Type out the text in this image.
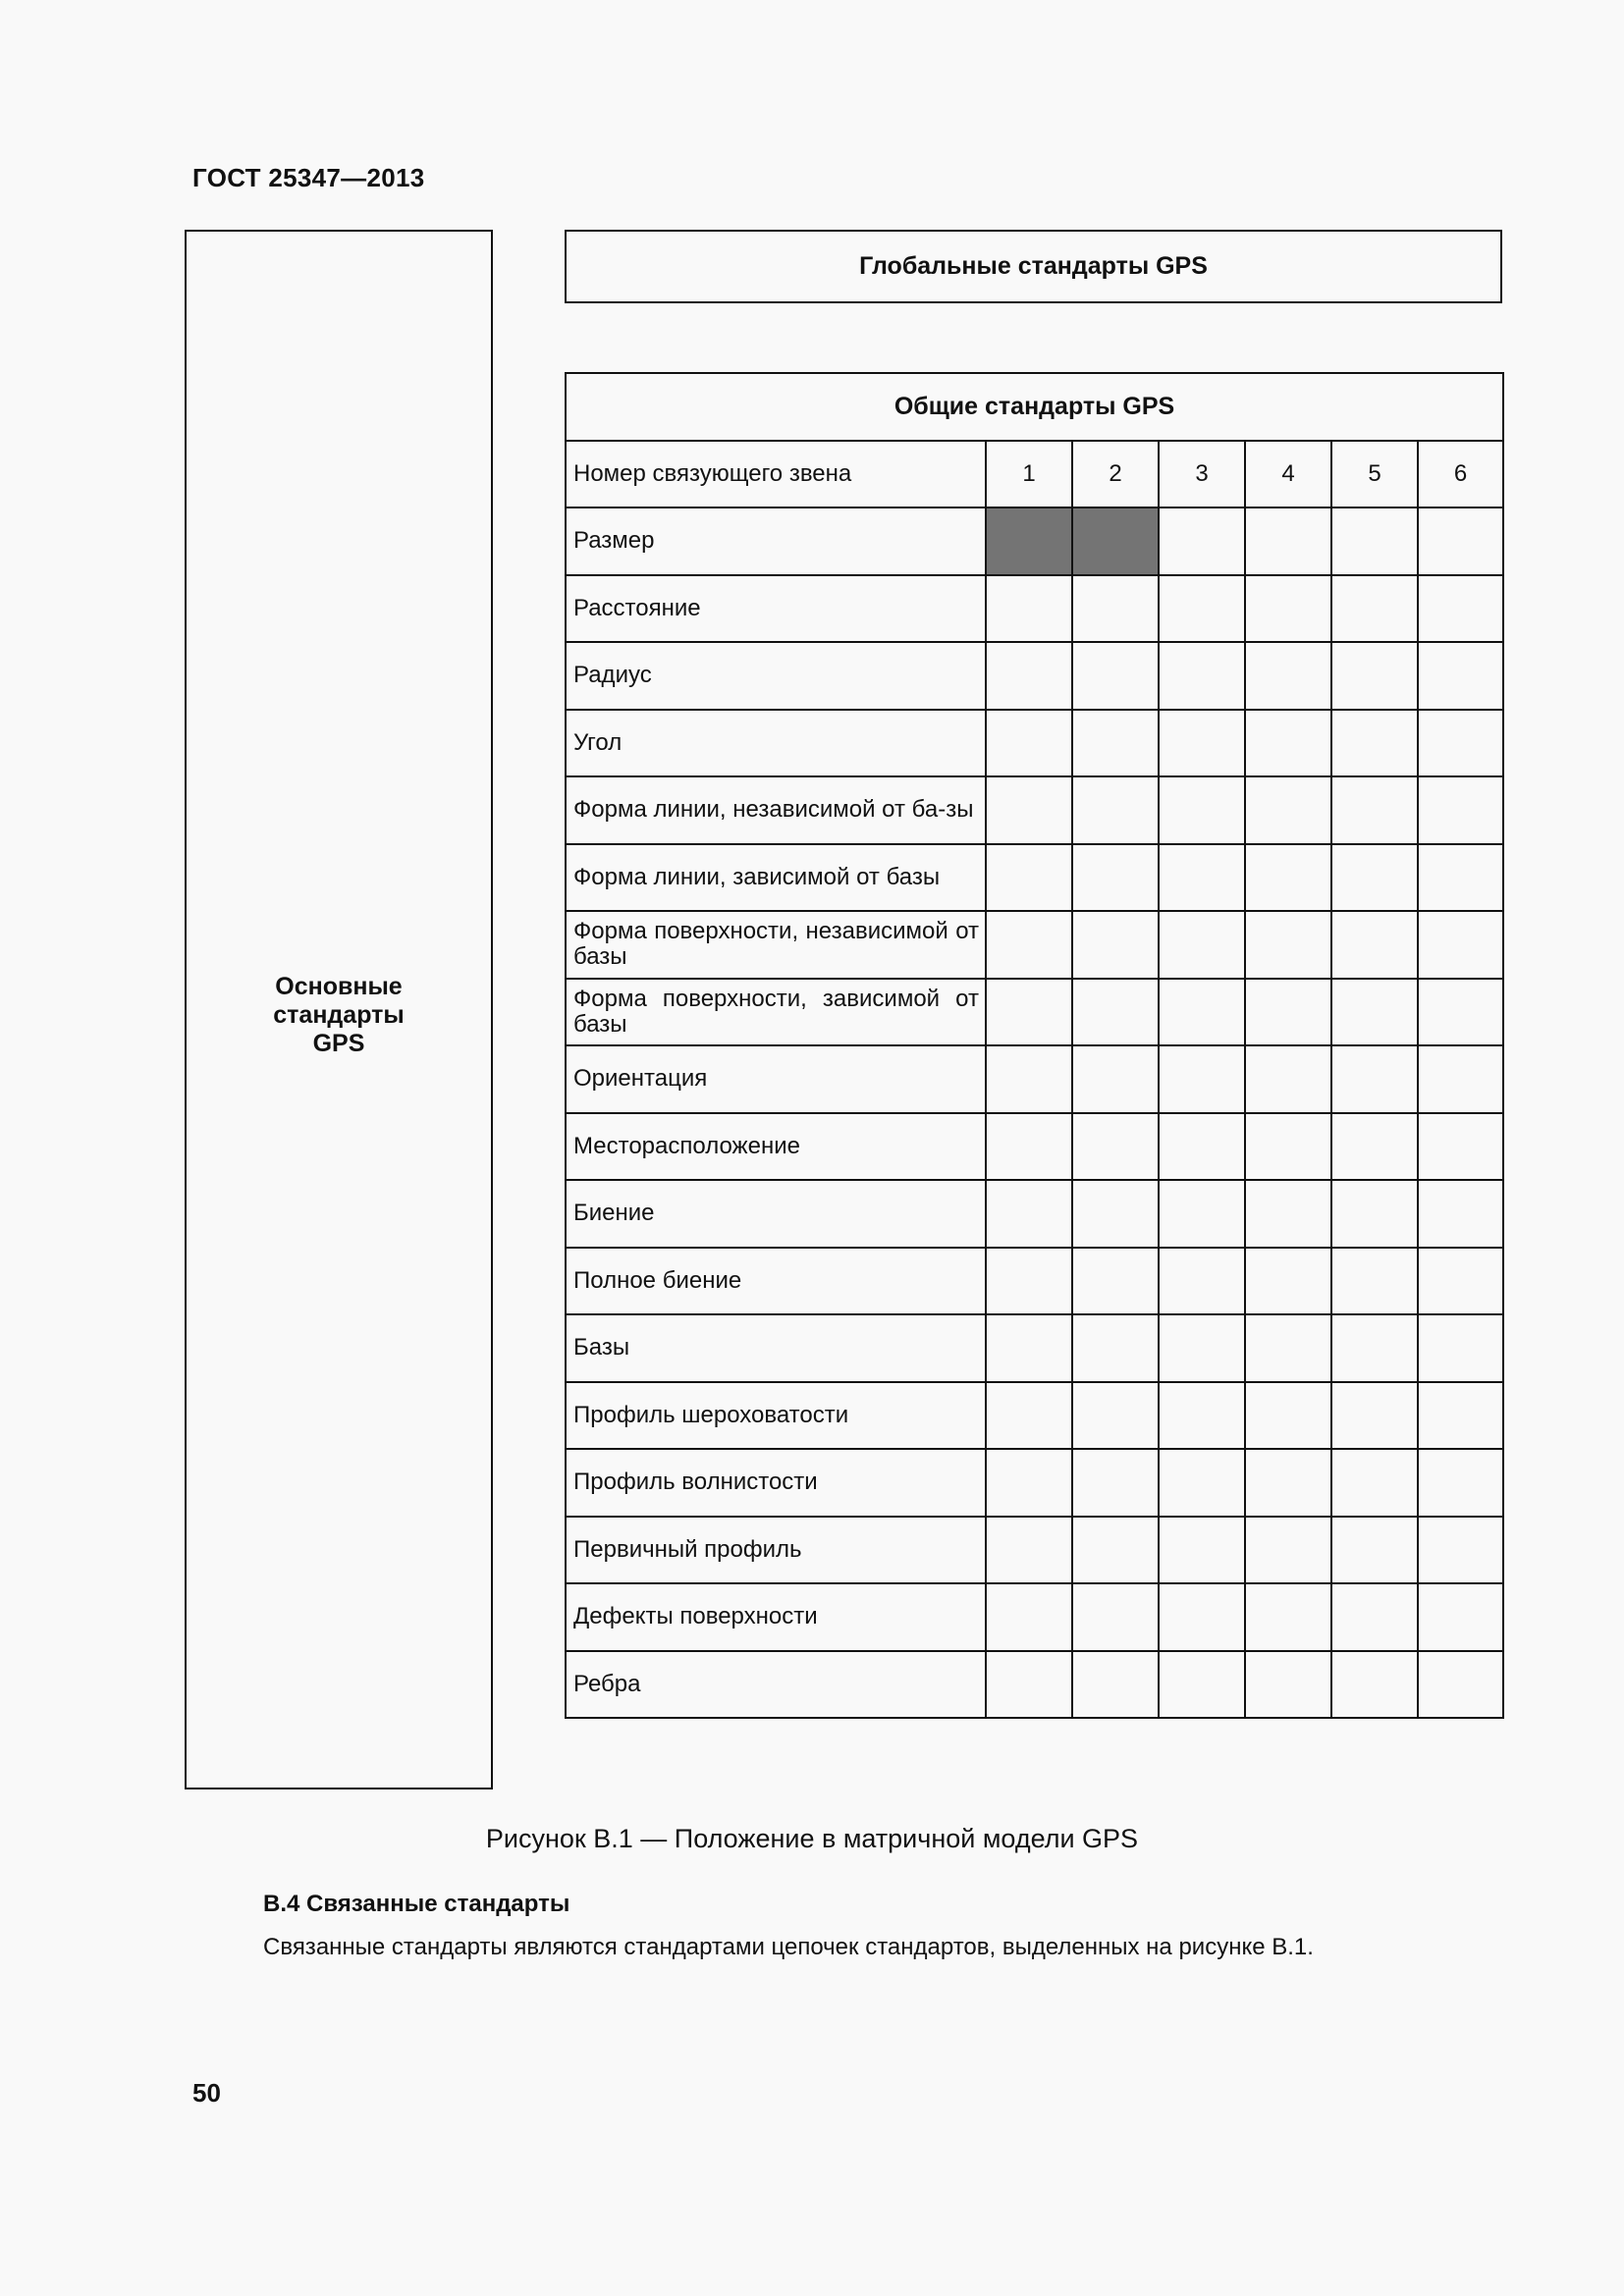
ГОСТ 25347—2013
Основные стандарты GPS
Глобальные стандарты GPS
Общие стандарты GPS						
Номер связующего звена	1	2	3	4	5	6
Размер						
Расстояние						
Радиус						
Угол						
Форма линии, независимой от ба-зы						
Форма линии, зависимой от базы						
Форма поверхности, независимой от базы						
Форма поверхности, зависимой от базы						
Ориентация						
Месторасположение						
Биение						
Полное биение						
Базы						
Профиль шероховатости						
Профиль волнистости						
Первичный профиль						
Дефекты поверхности						
Ребра						
Рисунок В.1 — Положение в матричной модели GPS
В.4 Связанные стандарты
Связанные стандарты являются стандартами цепочек стандартов, выделенных на рисунке В.1.
50
